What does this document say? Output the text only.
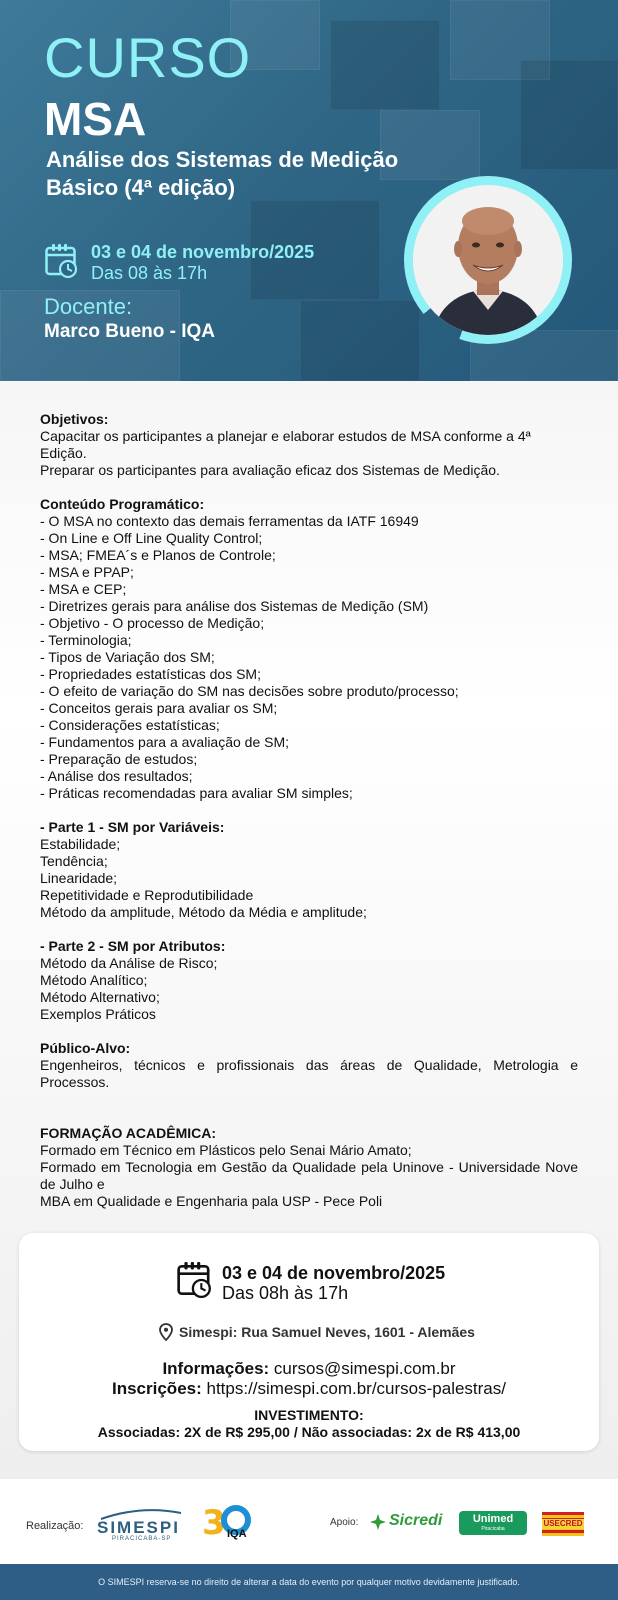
CURSO
MSA
Análise dos Sistemas de Medição
Básico (4ª edição)
03 e 04 de novembro/2025
Das 08 às 17h
Docente:
Marco Bueno - IQA
Objetivos:
Capacitar os participantes a planejar e elaborar estudos de MSA conforme a 4ª Edição.
Preparar os participantes para avaliação eficaz dos Sistemas de Medição.
Conteúdo Programático:
- O MSA no contexto das demais ferramentas da IATF 16949
- On Line e Off Line Quality Control;
- MSA; FMEA´s e Planos de Controle;
- MSA e PPAP;
- MSA e CEP;
- Diretrizes gerais para análise dos Sistemas de Medição (SM)
- Objetivo - O processo de Medição;
- Terminologia;
- Tipos de Variação dos SM;
- Propriedades estatísticas dos SM;
- O efeito de variação do SM nas decisões sobre produto/processo;
- Conceitos gerais para avaliar os SM;
- Considerações estatísticas;
- Fundamentos para a avaliação de SM;
- Preparação de estudos;
- Análise dos resultados;
- Práticas recomendadas para avaliar SM simples;
- Parte 1 - SM por Variáveis:
Estabilidade;
Tendência;
Linearidade;
Repetitividade e Reprodutibilidade
Método da amplitude, Método da Média e amplitude;
- Parte 2 - SM por Atributos:
Método da Análise de Risco;
Método Analítico;
Método Alternativo;
Exemplos Práticos
Público-Alvo:
Engenheiros, técnicos e profissionais das áreas de Qualidade, Metrologia e Processos.
FORMAÇÃO ACADÊMICA:
Formado em Técnico em Plásticos pelo Senai Mário Amato;
Formado em Tecnologia em Gestão da Qualidade pela Uninove - Universidade Nove de Julho e
MBA em Qualidade e Engenharia pala USP - Pece Poli
03 e 04 de novembro/2025
Das 08h às 17h
Simespi: Rua Samuel Neves, 1601 - Alemães
Informações: cursos@simespi.com.br
Inscrições: https://simespi.com.br/cursos-palestras/
INVESTIMENTO:
Associadas: 2X de R$ 295,00 / Não associadas: 2x de R$ 413,00
Realização: SIMESPI
PIRACICABA-SP 3 IQA
Apoio: Sicredi	Unimed
Piracicaba
USECRED
O SIMESPI reserva-se no direito de alterar a data do evento por qualquer motivo devidamente justificado.
